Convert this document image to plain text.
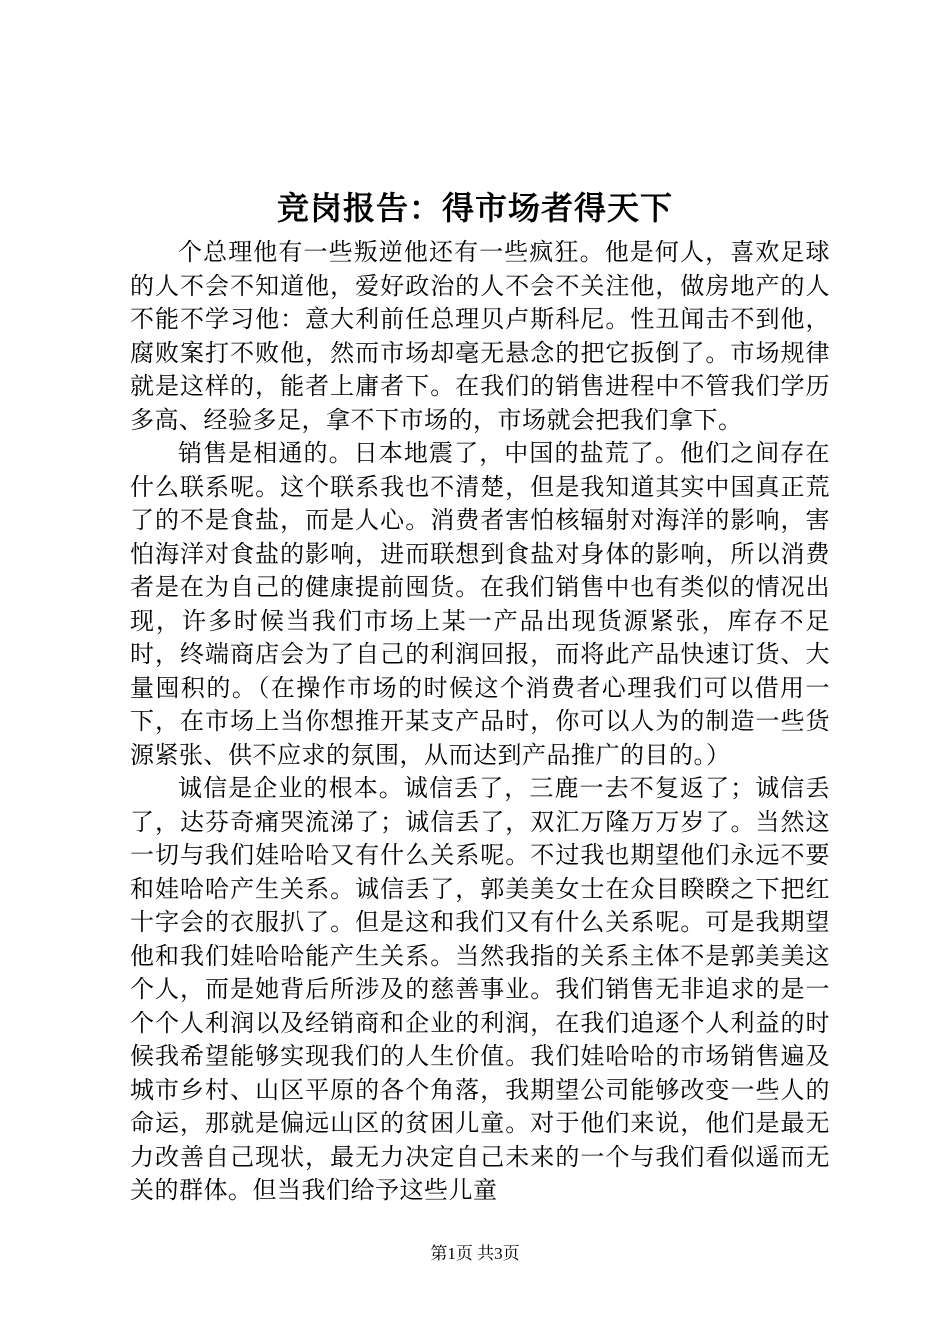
竞岗报告：得市场者得天下

个总理他有一些叛逆他还有一些疯狂。他是何人，喜欢足球的人不会不知道他，爱好政治的人不会不关注他，做房地产的人不能不学习他：意大利前任总理贝卢斯科尼。性丑闻击不到他，腐败案打不败他，然而市场却毫无悬念的把它扳倒了。市场规律就是这样的，能者上庸者下。在我们的销售进程中不管我们学历多高、经验多足，拿不下市场的，市场就会把我们拿下。

销售是相通的。日本地震了，中国的盐荒了。他们之间存在什么联系呢。这个联系我也不清楚，但是我知道其实中国真正荒了的不是食盐，而是人心。消费者害怕核辐射对海洋的影响，害怕海洋对食盐的影响，进而联想到食盐对身体的影响，所以消费者是在为自己的健康提前囤货。在我们销售中也有类似的情况出现，许多时候当我们市场上某一产品出现货源紧张，库存不足时，终端商店会为了自己的利润回报，而将此产品快速订货、大量囤积的。（在操作市场的时候这个消费者心理我们可以借用一下，在市场上当你想推开某支产品时，你可以人为的制造一些货源紧张、供不应求的氛围，从而达到产品推广的目的。）

诚信是企业的根本。诚信丢了，三鹿一去不复返了；诚信丢了，达芬奇痛哭流涕了；诚信丢了，双汇万隆万万岁了。当然这一切与我们娃哈哈又有什么关系呢。不过我也期望他们永远不要和娃哈哈产生关系。诚信丢了，郭美美女士在众目睽睽之下把红十字会的衣服扒了。但是这和我们又有什么关系呢。可是我期望他和我们娃哈哈能产生关系。当然我指的关系主体不是郭美美这个人，而是她背后所涉及的慈善事业。我们销售无非追求的是一个个人利润以及经销商和企业的利润，在我们追逐个人利益的时候我希望能够实现我们的人生价值。我们娃哈哈的市场销售遍及城市乡村、山区平原的各个角落，我期望公司能够改变一些人的命运，那就是偏远山区的贫困儿童。对于他们来说，他们是最无力改善自己现状，最无力决定自己未来的一个与我们看似遥而无关的群体。但当我们给予这些儿童

第1页 共3页
